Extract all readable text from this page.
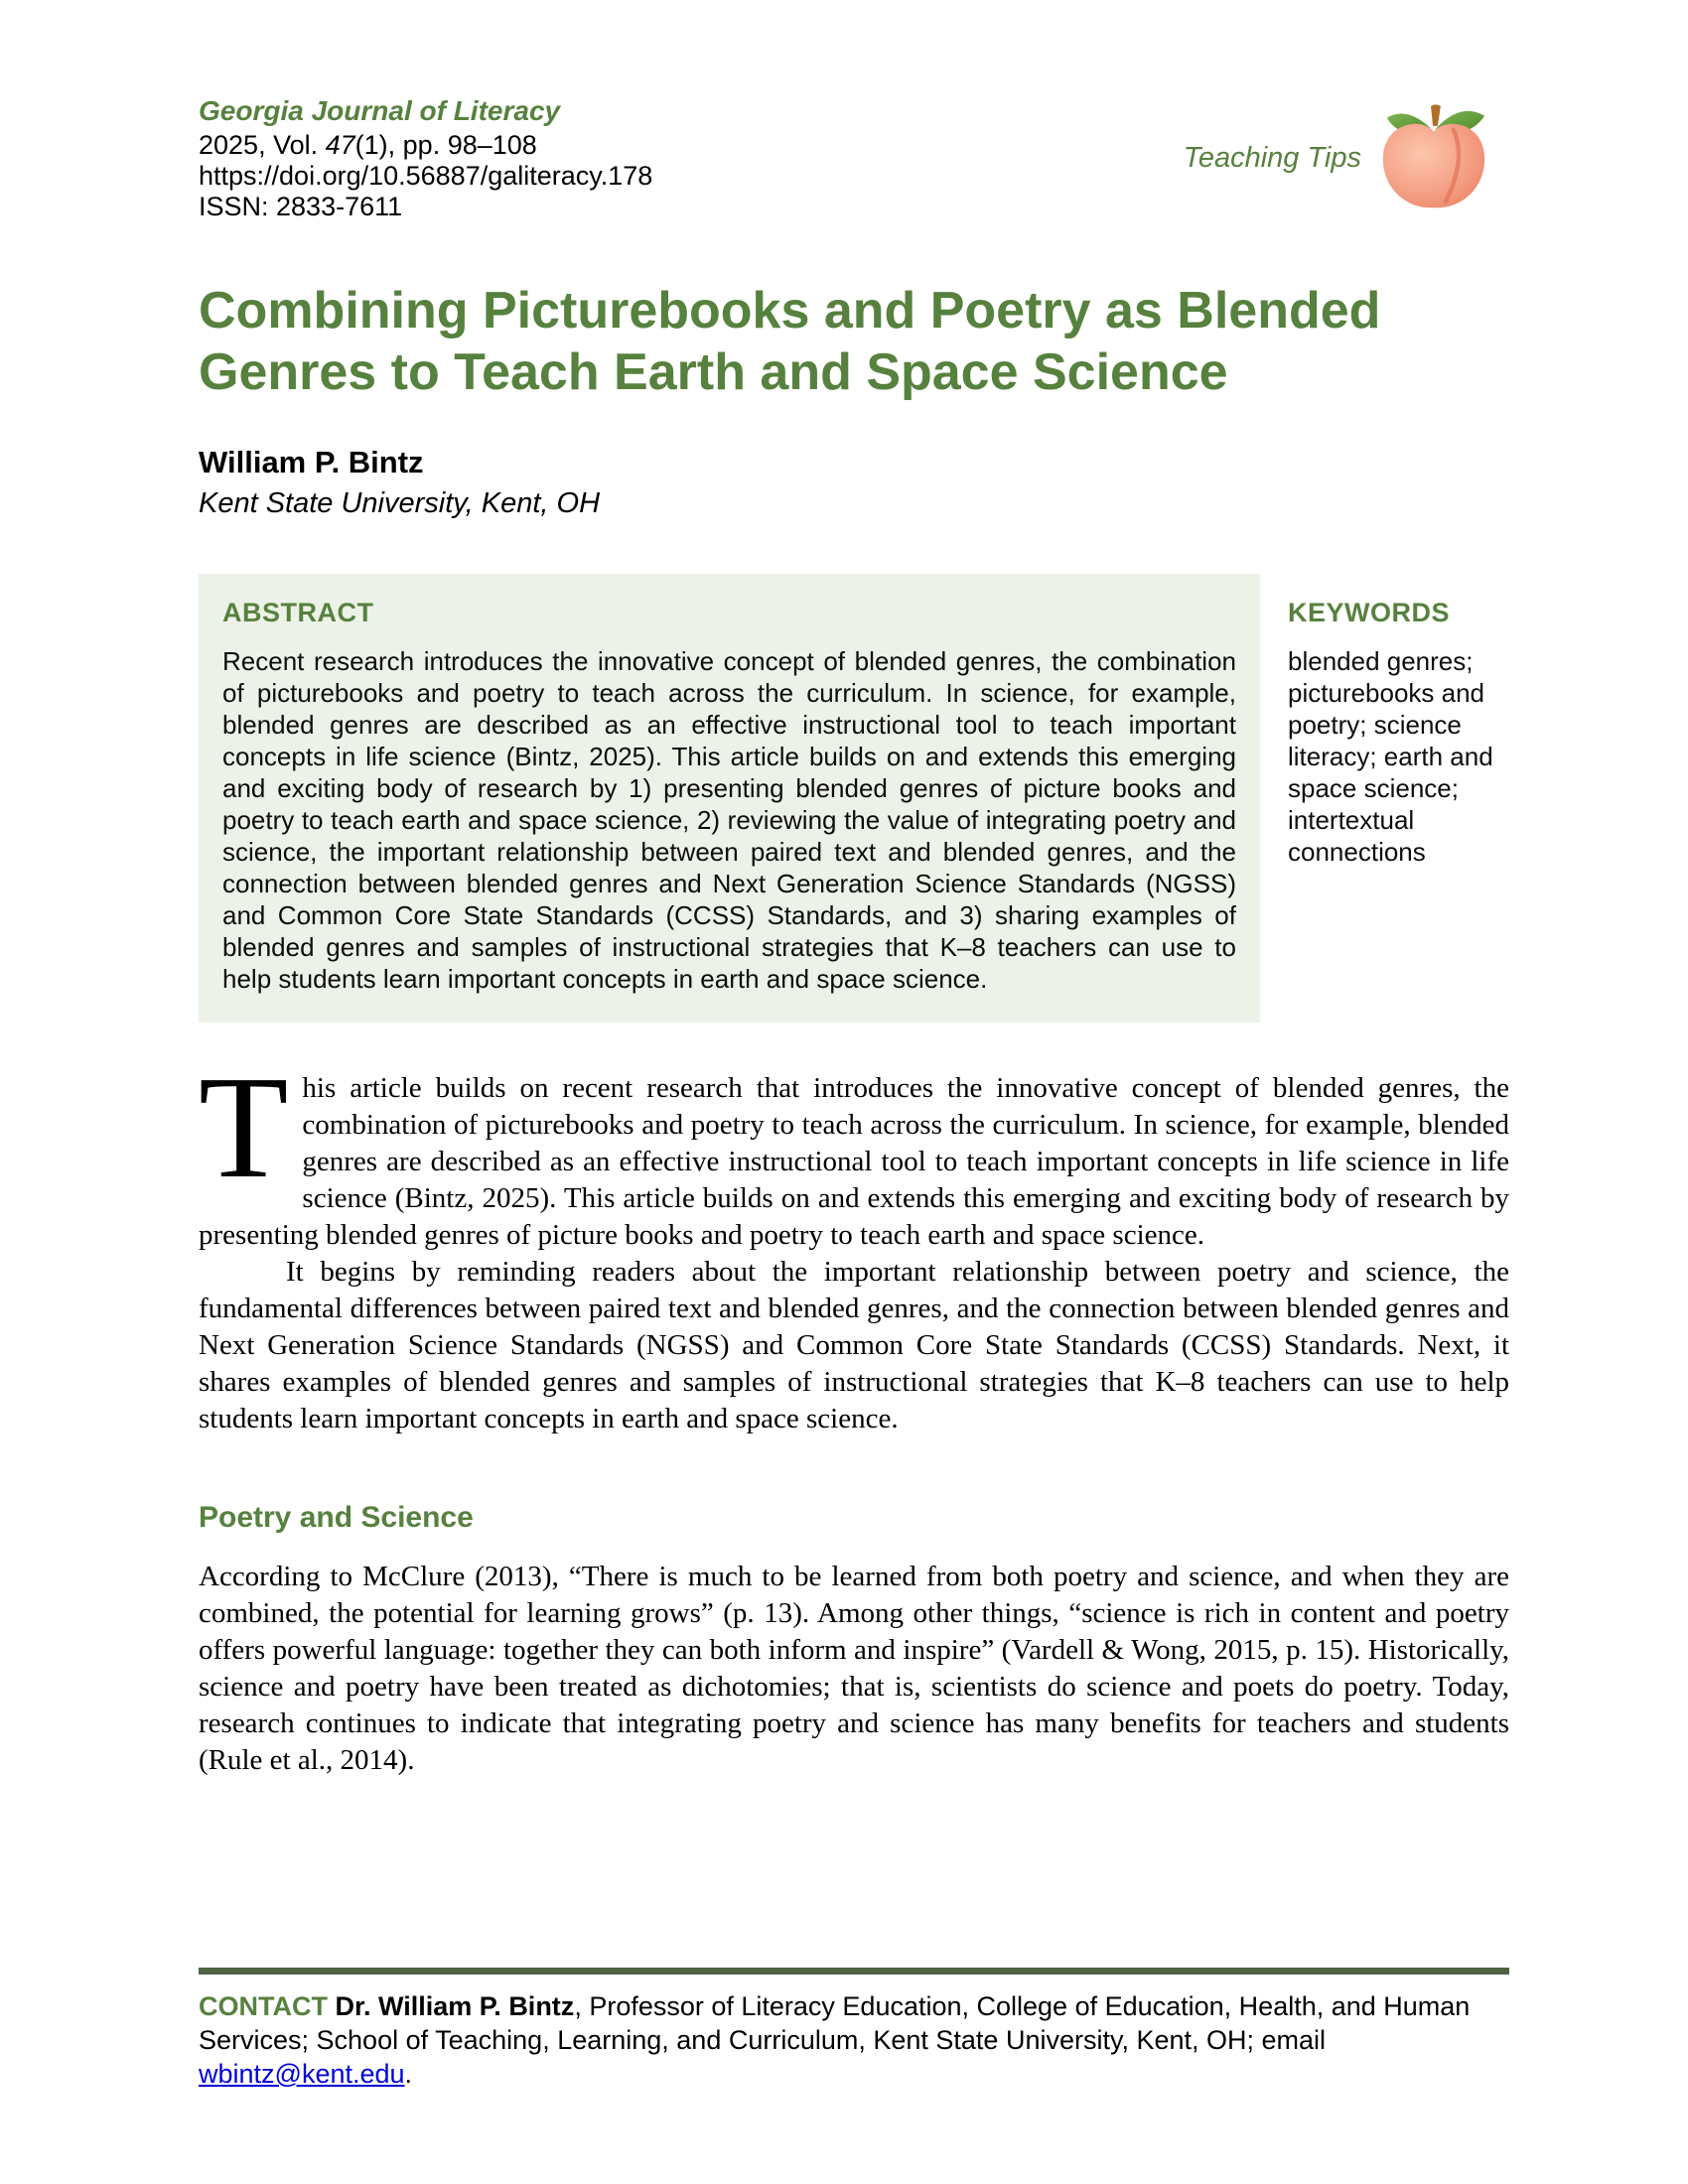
Georgia Journal of Literacy
2025, Vol. 47(1), pp. 98–108
https://doi.org/10.56887/galiteracy.178
ISSN: 2833-7611
Teaching Tips
Combining Picturebooks and Poetry as Blended Genres to Teach Earth and Space Science
William P. Bintz
Kent State University, Kent, OH
ABSTRACT
Recent research introduces the innovative concept of blended genres, the combination of picturebooks and poetry to teach across the curriculum. In science, for example, blended genres are described as an effective instructional tool to teach important concepts in life science (Bintz, 2025). This article builds on and extends this emerging and exciting body of research by 1) presenting blended genres of picture books and poetry to teach earth and space science, 2) reviewing the value of integrating poetry and science, the important relationship between paired text and blended genres, and the connection between blended genres and Next Generation Science Standards (NGSS) and Common Core State Standards (CCSS) Standards, and 3) sharing examples of blended genres and samples of instructional strategies that K–8 teachers can use to help students learn important concepts in earth and space science.
KEYWORDS
blended genres; picturebooks and poetry; science literacy; earth and space science; intertextual connections

This article builds on recent research that introduces the innovative concept of blended genres, the combination of picturebooks and poetry to teach across the curriculum. In science, for example, blended genres are described as an effective instructional tool to teach important concepts in life science in life science (Bintz, 2025). This article builds on and extends this emerging and exciting body of research by presenting blended genres of picture books and poetry to teach earth and space science.

It begins by reminding readers about the important relationship between poetry and science, the fundamental differences between paired text and blended genres, and the connection between blended genres and Next Generation Science Standards (NGSS) and Common Core State Standards (CCSS) Standards. Next, it shares examples of blended genres and samples of instructional strategies that K–8 teachers can use to help students learn important concepts in earth and space science.

Poetry and Science

According to McClure (2013), “There is much to be learned from both poetry and science, and when they are combined, the potential for learning grows” (p. 13). Among other things, “science is rich in content and poetry offers powerful language: together they can both inform and inspire” (Vardell & Wong, 2015, p. 15). Historically, science and poetry have been treated as dichotomies; that is, scientists do science and poets do poetry. Today, research continues to indicate that integrating poetry and science has many benefits for teachers and students (Rule et al., 2014).

CONTACT Dr. William P. Bintz, Professor of Literacy Education, College of Education, Health, and Human Services; School of Teaching, Learning, and Curriculum, Kent State University, Kent, OH; email wbintz@kent.edu.
